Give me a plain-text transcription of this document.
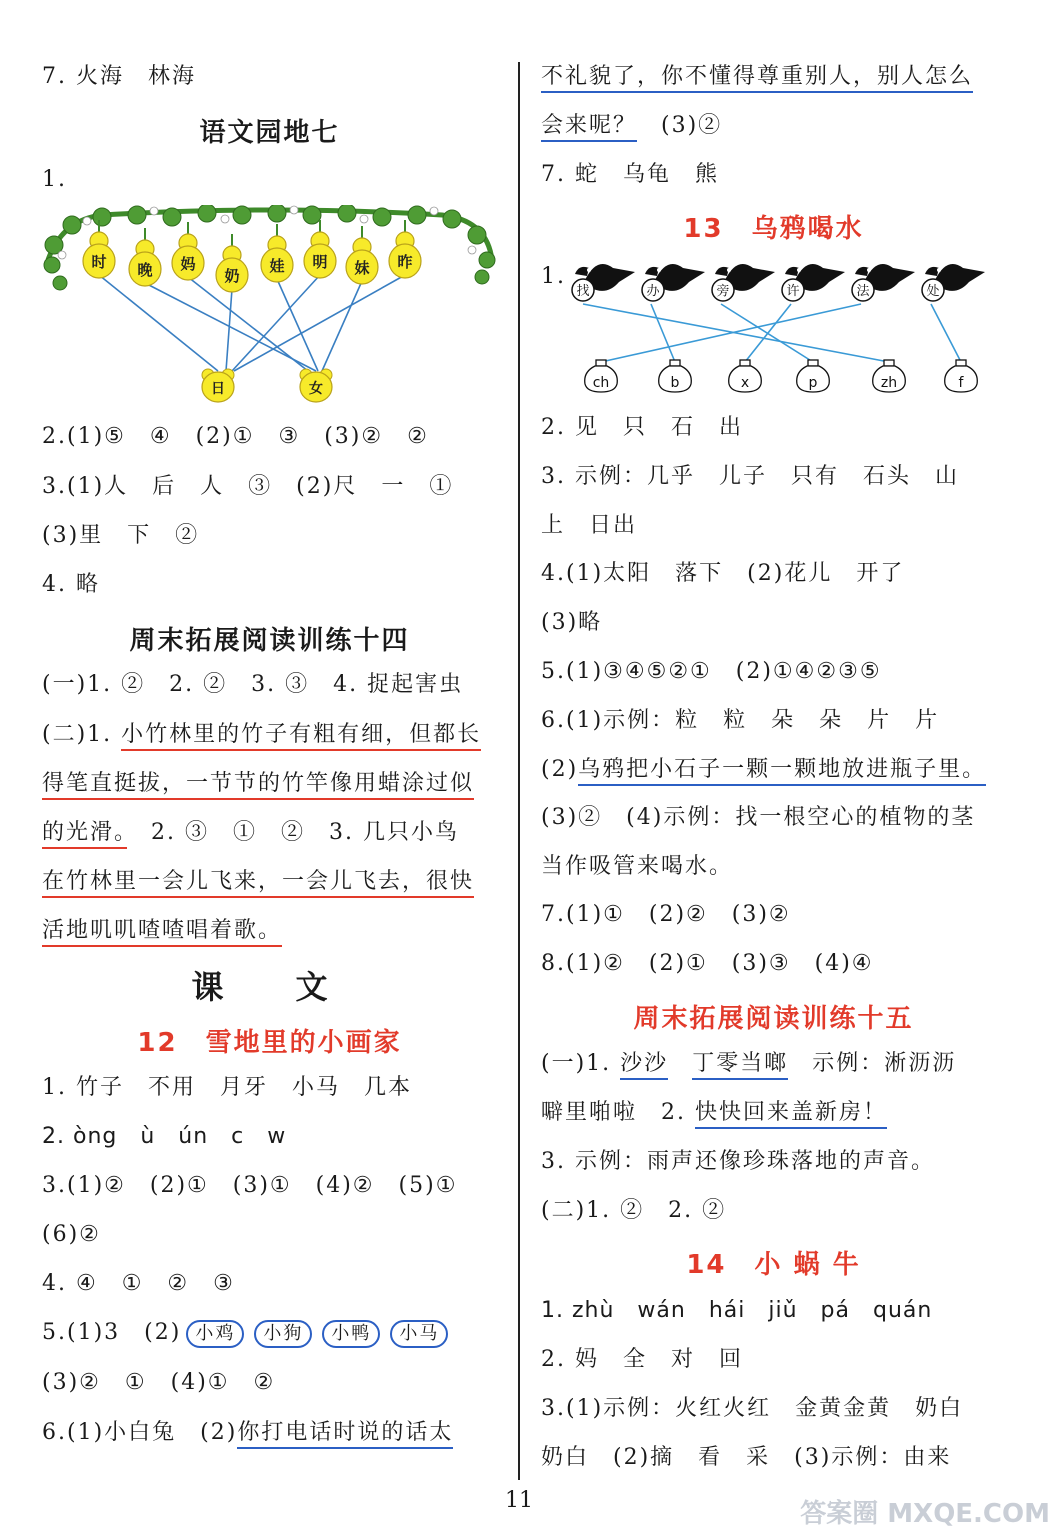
7. 火海　林海
语文园地七
1.
时 晚 妈
奶
娃 明 妹 昨
日	女
2.(1)⑤　④　(2)①　③　(3)②　②
3.(1)人　后　人　③　(2)尺　一　①
(3)里　下　②
4. 略
周末拓展阅读训练十四
(一)1. ②　2. ②　3. ③　4. 捉起害虫
(二)1. 小竹林里的竹子有粗有细，但都长
得笔直挺拔，一节节的竹竿像用蜡涂过似
的光滑。　2. ③　①　②　3. 几只小鸟
在竹林里一会儿飞来，一会儿飞去，很快
活地叽叽喳喳唱着歌。
课　文
12　雪地里的小画家
1. 竹子　不用　月牙　小马　几本
2. òng　ù　ún　c　w
3.(1)②　(2)①　(3)①　(4)②　(5)①
(6)②
4. ④　①　②　③
5.(1)3　(2) 小鸡 小狗 小鸭 小马
(3)②　①　(4)①　②
6.(1)小白兔　(2)你打电话时说的话太
不礼貌了，你不懂得尊重别人，别人怎么
会来呢？　(3)②
7. 蛇　乌龟　熊
13　乌鸦喝水
1.
找	办	旁	许	法	处
ch	b	x	p	zh	f
2. 见　只　石　出
3. 示例：几乎　儿子　只有　石头　山
上　日出
4.(1)太阳　落下　(2)花儿　开了
(3)略
5.(1)③④⑤②①　(2)①④②③⑤
6.(1)示例：粒　粒　朵　朵　片　片
(2)乌鸦把小石子一颗一颗地放进瓶子里。
(3)②　(4)示例：找一根空心的植物的茎
当作吸管来喝水。
7.(1)①　(2)②　(3)②
8.(1)②　(2)①　(3)③　(4)④
周末拓展阅读训练十五
(一)1. 沙沙　 丁零当啷　示例：淅沥沥
噼里啪啦　2. 快快回来盖新房！
3. 示例：雨声还像珍珠落地的声音。
(二)1. ②　2. ②
14　小 蜗 牛
1. zhù　wán　hái　jiǔ　pá　quán
2. 妈　全　对　回
3.(1)示例：火红火红　金黄金黄　奶白
奶白　(2)摘　看　采　(3)示例：由来
11	答案圈 MXQE.COM
